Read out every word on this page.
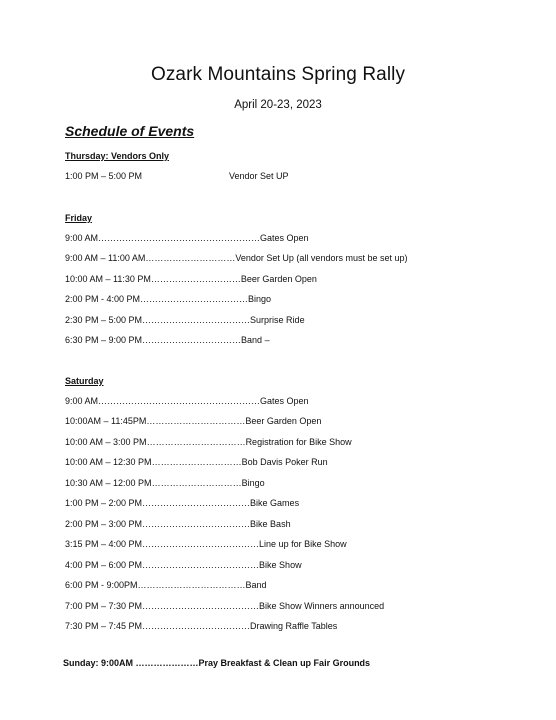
Ozark Mountains Spring Rally
April 20-23, 2023
Schedule of Events
Thursday: Vendors Only
1:00 PM – 5:00 PM	Vendor Set UP
Friday
9:00 AM………………………………………………Gates Open
9:00 AM – 11:00 AM…………………………Vendor Set Up (all vendors must be set up)
10:00 AM – 11:30 PM…………………………Beer Garden Open
2:00 PM - 4:00 PM………………………………Bingo
2:30 PM – 5:00 PM………………………………Surprise Ride
6:30 PM – 9:00 PM……………………………Band –
Saturday
9:00 AM………………………………………………Gates Open
10:00AM – 11:45PM……………………………Beer Garden Open
10:00 AM – 3:00 PM……………………………Registration for Bike Show
10:00 AM – 12:30 PM…………………………Bob Davis Poker Run
10:30 AM – 12:00 PM…………………………Bingo
1:00 PM – 2:00 PM………………………………Bike Games
2:00 PM – 3:00 PM………………………………Bike Bash
3:15 PM – 4:00 PM…………………………………Line up for Bike Show
4:00 PM – 6:00 PM…………………………………Bike Show
6:00 PM - 9:00PM………………………………Band
7:00 PM – 7:30 PM…………………………………Bike Show Winners announced
7:30 PM – 7:45 PM………………………………Drawing Raffle Tables
Sunday: 9:00AM …………………Pray Breakfast & Clean up Fair Grounds
